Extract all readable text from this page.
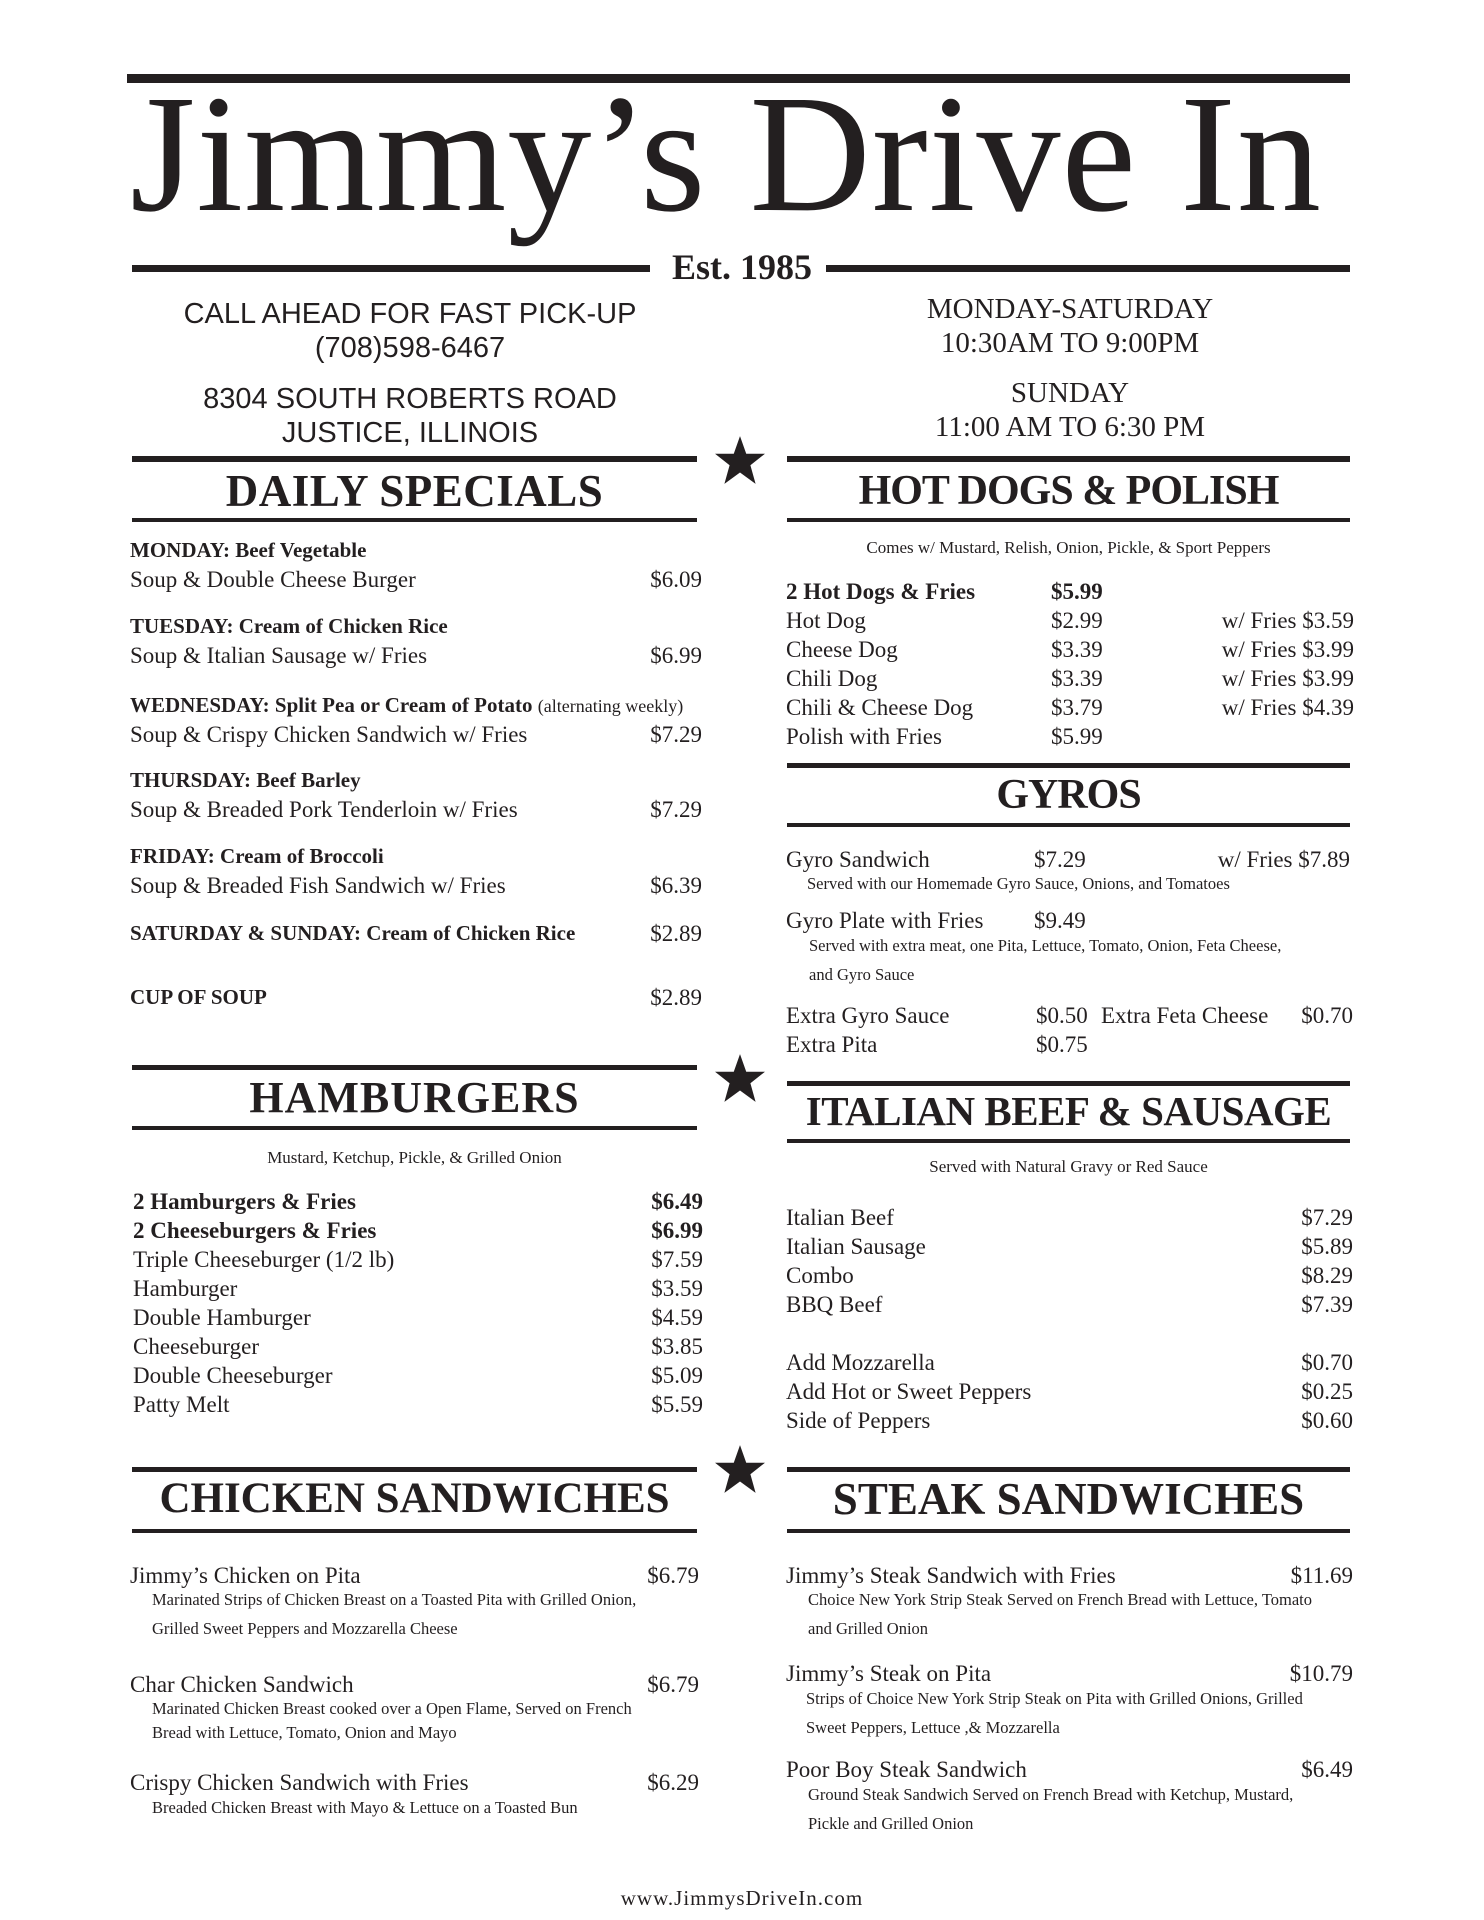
Jimmy’s Drive In
Est. 1985
CALL AHEAD FOR FAST PICK-UP
(708)598-6467
8304 SOUTH ROBERTS ROAD
JUSTICE, ILLINOIS
MONDAY-SATURDAY
10:30AM TO 9:00PM
SUNDAY
11:00 AM TO 6:30 PM
DAILY SPECIALS
MONDAY: Beef Vegetable
Soup & Double Cheese Burger	$6.09
TUESDAY: Cream of Chicken Rice
Soup & Italian Sausage w/ Fries	$6.99
WEDNESDAY: Split Pea or Cream of Potato (alternating weekly)
Soup & Crispy Chicken Sandwich w/ Fries	$7.29
THURSDAY: Beef Barley
Soup & Breaded Pork Tenderloin w/ Fries	$7.29
FRIDAY: Cream of Broccoli
Soup & Breaded Fish Sandwich w/ Fries	$6.39
SATURDAY & SUNDAY: Cream of Chicken Rice	$2.89
CUP OF SOUP	$2.89
HOT DOGS & POLISH
Comes w/ Mustard, Relish, Onion, Pickle, & Sport Peppers
2 Hot Dogs & Fries	$5.99
Hot Dog	$2.99	w/ Fries $3.59
Cheese Dog	$3.39	w/ Fries $3.99
Chili Dog	$3.39	w/ Fries $3.99
Chili & Cheese Dog	$3.79	w/ Fries $4.39
Polish with Fries	$5.99
GYROS
Gyro Sandwich	$7.29	w/ Fries $7.89
Served with our Homemade Gyro Sauce, Onions, and Tomatoes
Gyro Plate with Fries $9.49
Served with extra meat, one Pita, Lettuce, Tomato, Onion, Feta Cheese,
and Gyro Sauce
Extra Gyro Sauce	$0.50 Extra Feta Cheese $0.70
Extra Pita	$0.75
HAMBURGERS
Mustard, Ketchup, Pickle, & Grilled Onion
2 Hamburgers & Fries	$6.49
2 Cheeseburgers & Fries	$6.99
Triple Cheeseburger (1/2 lb)	$7.59
Hamburger	$3.59
Double Hamburger	$4.59
Cheeseburger	$3.85
Double Cheeseburger	$5.09
Patty Melt	$5.59
ITALIAN BEEF & SAUSAGE
Served with Natural Gravy or Red Sauce
Italian Beef	$7.29
Italian Sausage	$5.89
Combo	$8.29
BBQ Beef	$7.39
Add Mozzarella	$0.70
Add Hot or Sweet Peppers	$0.25
Side of Peppers	$0.60
CHICKEN SANDWICHES
Jimmy’s Chicken on Pita	$6.79
Marinated Strips of Chicken Breast on a Toasted Pita with Grilled Onion,
Grilled Sweet Peppers and Mozzarella Cheese
Char Chicken Sandwich	$6.79
Marinated Chicken Breast cooked over a Open Flame, Served on French
Bread with Lettuce, Tomato, Onion and Mayo
Crispy Chicken Sandwich with Fries	$6.29
Breaded Chicken Breast with Mayo & Lettuce on a Toasted Bun
STEAK SANDWICHES
Jimmy’s Steak Sandwich with Fries	$11.69
Choice New York Strip Steak Served on French Bread with Lettuce, Tomato
and Grilled Onion
Jimmy’s Steak on Pita	$10.79
Strips of Choice New York Strip Steak on Pita with Grilled Onions, Grilled
Sweet Peppers, Lettuce ,& Mozzarella
Poor Boy Steak Sandwich	$6.49
Ground Steak Sandwich Served on French Bread with Ketchup, Mustard,
Pickle and Grilled Onion
www.JimmysDriveIn.com
